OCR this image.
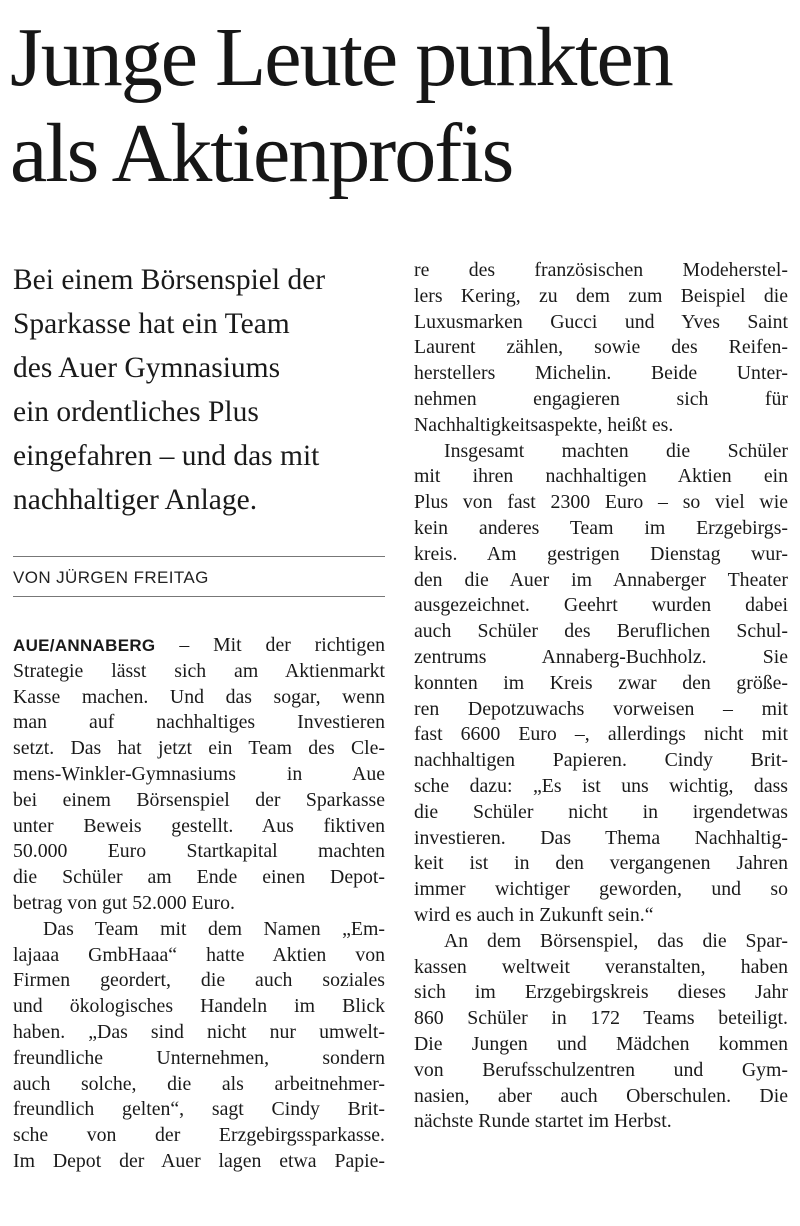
Junge Leute punkten
als Aktienprofis

Bei einem Börsenspiel der
Sparkasse hat ein Team
des Auer Gymnasiums
ein ordentliches Plus
eingefahren – und das mit
nachhaltiger Anlage.

VON JÜRGEN FREITAG

AUE/ANNABERG – Mit der richtigen
Strategie lässt sich am Aktienmarkt
Kasse machen. Und das sogar, wenn
man auf nachhaltiges Investieren
setzt. Das hat jetzt ein Team des Cle-
mens-Winkler-Gymnasiums in Aue
bei einem Börsenspiel der Sparkasse
unter Beweis gestellt. Aus fiktiven
50.000 Euro Startkapital machten
die Schüler am Ende einen Depot-
betrag von gut 52.000 Euro.
Das Team mit dem Namen „Em-
lajaaa GmbHaaa“ hatte Aktien von
Firmen geordert, die auch soziales
und ökologisches Handeln im Blick
haben. „Das sind nicht nur umwelt-
freundliche Unternehmen, sondern
auch solche, die als arbeitnehmer-
freundlich gelten“, sagt Cindy Brit-
sche von der Erzgebirgssparkasse.
Im Depot der Auer lagen etwa Papie-
re des französischen Modeherstel-
lers Kering, zu dem zum Beispiel die
Luxusmarken Gucci und Yves Saint
Laurent zählen, sowie des Reifen-
herstellers Michelin. Beide Unter-
nehmen engagieren sich für
Nachhaltigkeitsaspekte, heißt es.
Insgesamt machten die Schüler
mit ihren nachhaltigen Aktien ein
Plus von fast 2300 Euro – so viel wie
kein anderes Team im Erzgebirgs-
kreis. Am gestrigen Dienstag wur-
den die Auer im Annaberger Theater
ausgezeichnet. Geehrt wurden dabei
auch Schüler des Beruflichen Schul-
zentrums Annaberg-Buchholz. Sie
konnten im Kreis zwar den größe-
ren Depotzuwachs vorweisen – mit
fast 6600 Euro –, allerdings nicht mit
nachhaltigen Papieren. Cindy Brit-
sche dazu: „Es ist uns wichtig, dass
die Schüler nicht in irgendetwas
investieren. Das Thema Nachhaltig-
keit ist in den vergangenen Jahren
immer wichtiger geworden, und so
wird es auch in Zukunft sein.“
An dem Börsenspiel, das die Spar-
kassen weltweit veranstalten, haben
sich im Erzgebirgskreis dieses Jahr
860 Schüler in 172 Teams beteiligt.
Die Jungen und Mädchen kommen
von Berufsschulzentren und Gym-
nasien, aber auch Oberschulen. Die
nächste Runde startet im Herbst.
